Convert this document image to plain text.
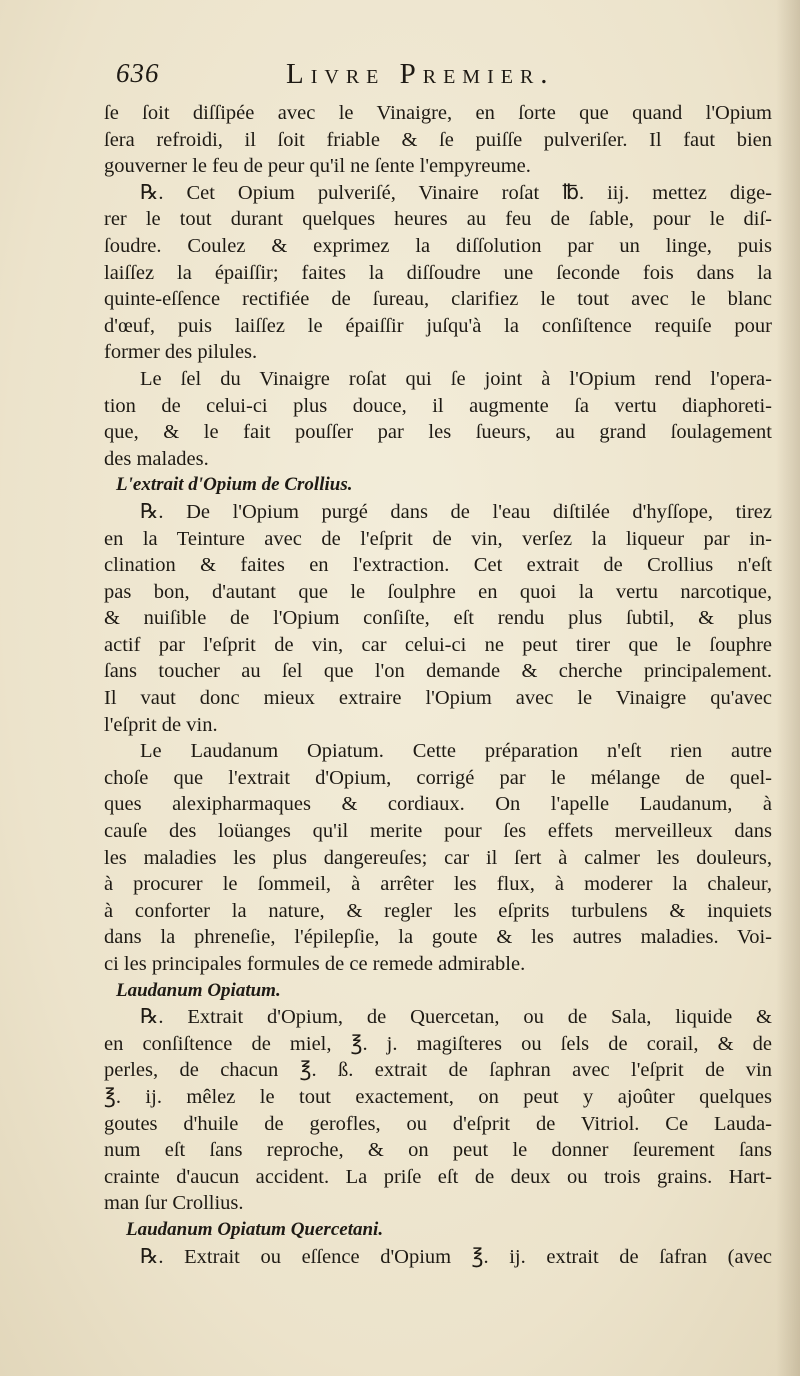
636	Livre Premier.
ſe ſoit diſſipée avec le Vinaigre, en ſorte que quand l'Opium
ſera refroidi, il ſoit friable & ſe puiſſe pulveriſer. Il faut bien
gouverner le feu de peur qu'il ne ſente l'empyreume.
℞. Cet Opium pulveriſé, Vinaire roſat ℔. iij. mettez dige-
rer le tout durant quelques heures au feu de ſable, pour le diſ-
ſoudre. Coulez & exprimez la diſſolution par un linge, puis
laiſſez la épaiſſir; faites la diſſoudre une ſeconde fois dans la
quinte-eſſence rectifiée de ſureau, clarifiez le tout avec le blanc
d'œuf, puis laiſſez le épaiſſir juſqu'à la conſiſtence requiſe pour
former des pilules.
Le ſel du Vinaigre roſat qui ſe joint à l'Opium rend l'opera-
tion de celui-ci plus douce, il augmente ſa vertu diaphoreti-
que, & le fait pouſſer par les ſueurs, au grand ſoulagement
des malades.
L'extrait d'Opium de Crollius.
℞. De l'Opium purgé dans de l'eau diſtilée d'hyſſope, tirez
en la Teinture avec de l'eſprit de vin, verſez la liqueur par in-
clination & faites en l'extraction. Cet extrait de Crollius n'eſt
pas bon, d'autant que le ſoulphre en quoi la vertu narcotique,
& nuiſible de l'Opium conſiſte, eſt rendu plus ſubtil, & plus
actif par l'eſprit de vin, car celui-ci ne peut tirer que le ſouphre
ſans toucher au ſel que l'on demande & cherche principalement.
Il vaut donc mieux extraire l'Opium avec le Vinaigre qu'avec
l'eſprit de vin.
Le Laudanum Opiatum. Cette préparation n'eſt rien autre
choſe que l'extrait d'Opium, corrigé par le mélange de quel-
ques alexipharmaques & cordiaux. On l'apelle Laudanum, à
cauſe des loüanges qu'il merite pour ſes effets merveilleux dans
les maladies les plus dangereuſes; car il ſert à calmer les douleurs,
à procurer le ſommeil, à arrêter les flux, à moderer la chaleur,
à conforter la nature, & regler les eſprits turbulens & inquiets
dans la phreneſie, l'épilepſie, la goute & les autres maladies. Voi-
ci les principales formules de ce remede admirable.
Laudanum Opiatum.
℞. Extrait d'Opium, de Quercetan, ou de Sala, liquide &
en conſiſtence de miel, ℥. j. magiſteres ou ſels de corail, & de
perles, de chacun ℥. ß. extrait de ſaphran avec l'eſprit de vin
℥. ij. mêlez le tout exactement, on peut y ajoûter quelques
goutes d'huile de gerofles, ou d'eſprit de Vitriol. Ce Lauda-
num eſt ſans reproche, & on peut le donner ſeurement ſans
crainte d'aucun accident. La priſe eſt de deux ou trois grains. Hart-
man ſur Crollius.
Laudanum Opiatum Quercetani.
℞. Extrait ou eſſence d'Opium ℥. ij. extrait de ſafran (avec
